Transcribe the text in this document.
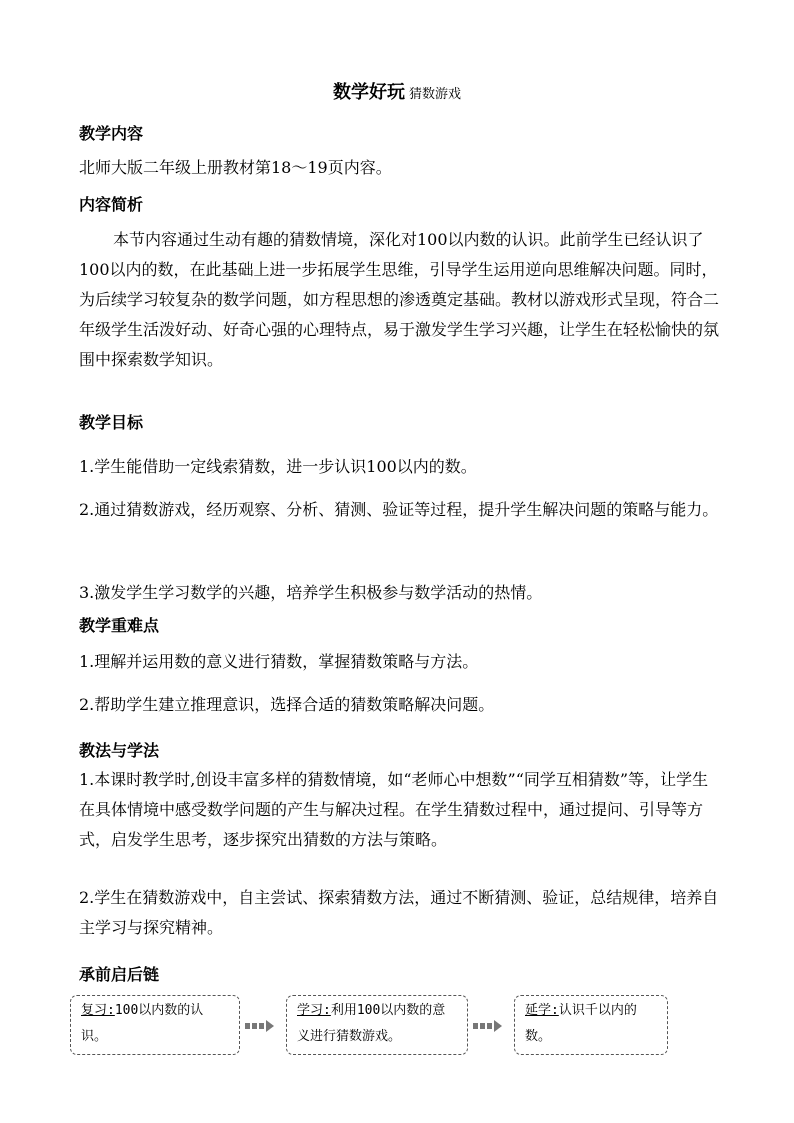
数学好玩 猜数游戏
教学内容
北师大版二年级上册教材第18～19页内容。
内容简析

本节内容通过生动有趣的猜数情境，深化对100以内数的认识。此前学生已经认识了100以内的数，在此基础上进一步拓展学生思维，引导学生运用逆向思维解决问题。同时，为后续学习较复杂的数学问题，如方程思想的渗透奠定基础。教材以游戏形式呈现，符合二年级学生活泼好动、好奇心强的心理特点，易于激发学生学习兴趣，让学生在轻松愉快的氛围中探索数学知识。

教学目标

1.学生能借助一定线索猜数，进一步认识100以内的数。

2.通过猜数游戏，经历观察、分析、猜测、验证等过程，提升学生解决问题的策略与能力。

3.激发学生学习数学的兴趣，培养学生积极参与数学活动的热情。

教学重难点

1.理解并运用数的意义进行猜数，掌握猜数策略与方法。

2.帮助学生建立推理意识，选择合适的猜数策略解决问题。

教法与学法

1.本课时教学时,创设丰富多样的猜数情境，如“老师心中想数”“同学互相猜数”等，让学生在具体情境中感受数学问题的产生与解决过程。在学生猜数过程中，通过提问、引导等方式，启发学生思考，逐步探究出猜数的方法与策略。

2.学生在猜数游戏中，自主尝试、探索猜数方法，通过不断猜测、验证，总结规律，培养自主学习与探究精神。

承前启后链
复习:100以内数的认识。
学习:利用100以内数的意义进行猜数游戏。
延学:认识千以内的数。
